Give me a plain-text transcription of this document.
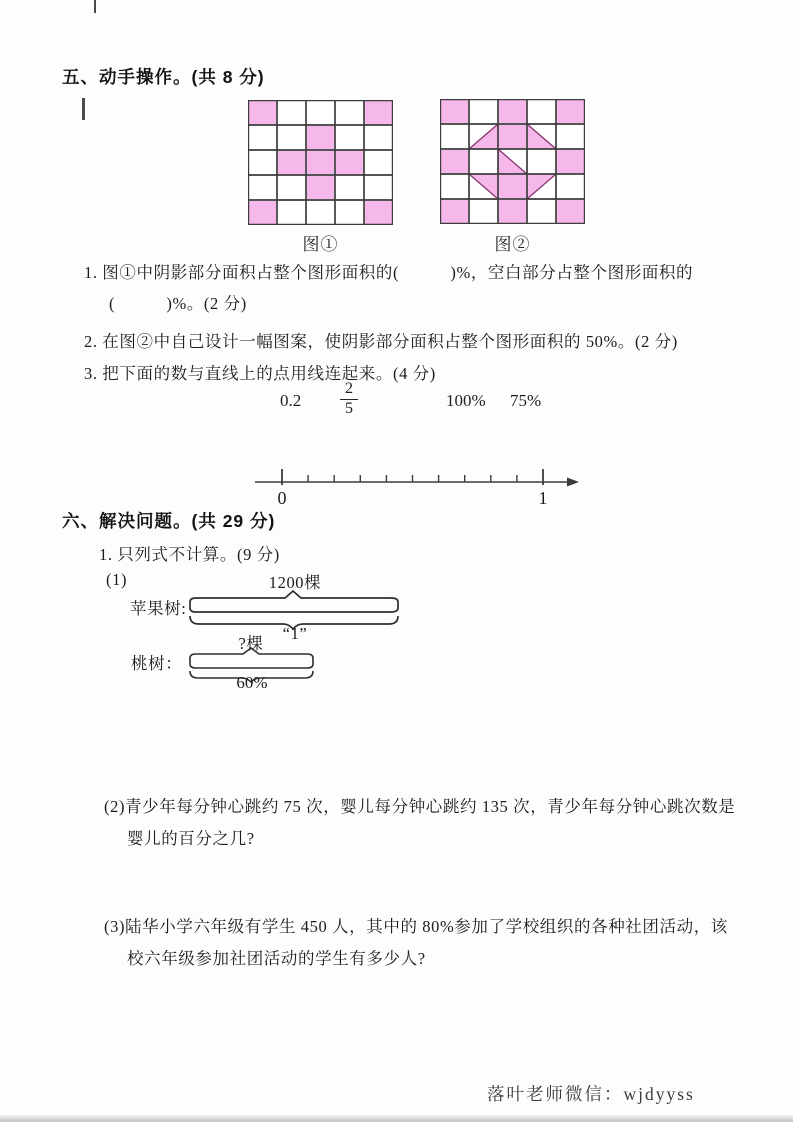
五、动手操作。(共 8 分)
图①	图②
1. 图①中阴影部分面积占整个图形面积的(　　　)%，空白部分占整个图形面积的
(　　　)%。(2 分)
2. 在图②中自己设计一幅图案，使阴影部分面积占整个图形面积的 50%。(2 分)
3. 把下面的数与直线上的点用线连起来。(4 分)
$0.2 \frac{2}{5}$	100% 75%
0	1
六、解决问题。(共 29 分)
1. 只列式不计算。(9 分)
(1)	1200棵
苹果树:
“1”
?棵
桃树：
60%
(2)青少年每分钟心跳约 75 次，婴儿每分钟心跳约 135 次，青少年每分钟心跳次数是
婴儿的百分之几?
(3)陆华小学六年级有学生 450 人，其中的 80%参加了学校组织的各种社团活动，该
校六年级参加社团活动的学生有多少人?
落叶老师微信：wjdyyss
